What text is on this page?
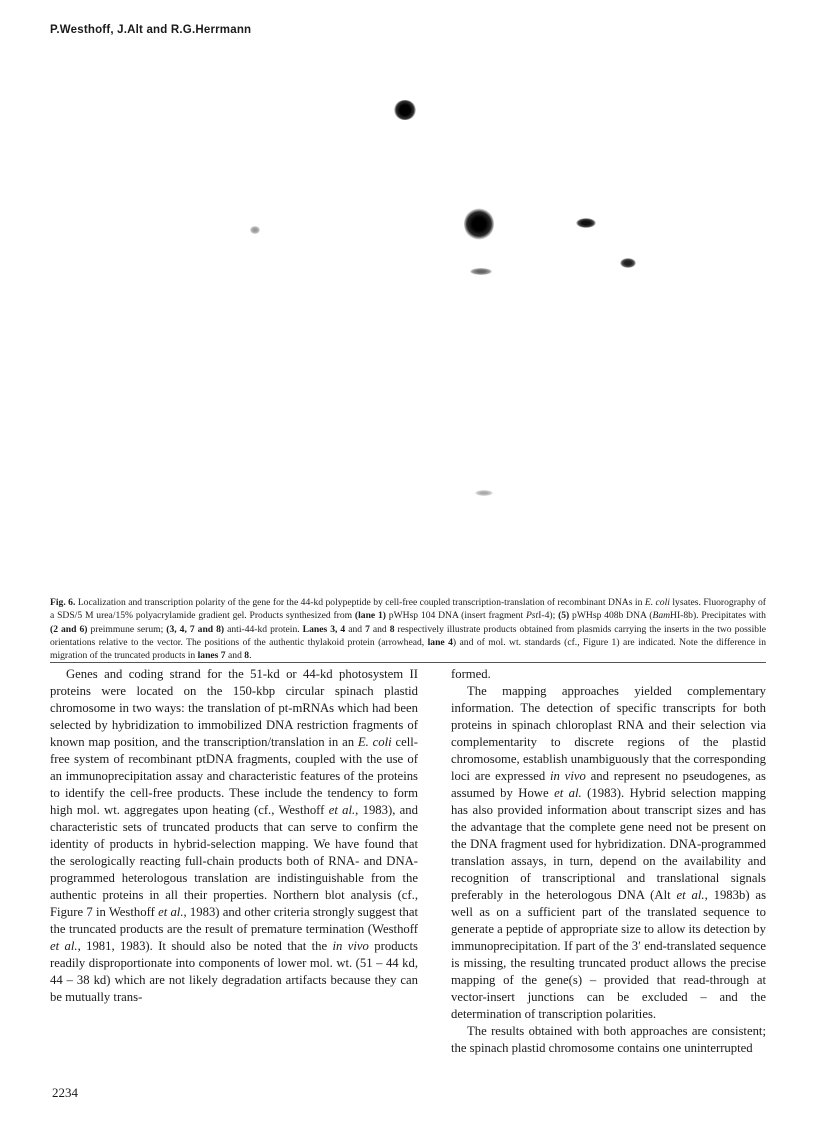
P.Westhoff, J.Alt and R.G.Herrmann
Fig. 6. Localization and transcription polarity of the gene for the 44-kd polypeptide by cell-free coupled transcription-translation of recombinant DNAs in E. coli lysates. Fluorography of a SDS/5 M urea/15% polyacrylamide gradient gel. Products synthesized from (lane 1) pWHsp 104 DNA (insert fragment PstI-4); (5) pWHsp 408b DNA (BamHI-8b). Precipitates with (2 and 6) preimmune serum; (3, 4, 7 and 8) anti-44-kd protein. Lanes 3, 4 and 7 and 8 respectively illustrate products obtained from plasmids carrying the inserts in the two possible orientations relative to the vector. The positions of the authentic thylakoid protein (arrowhead, lane 4) and of mol. wt. standards (cf., Figure 1) are indicated. Note the difference in migration of the truncated products in lanes 7 and 8.

Genes and coding strand for the 51-kd or 44-kd photosystem II proteins were located on the 150-kbp circular spinach plastid chromosome in two ways: the translation of pt-mRNAs which had been selected by hybridization to immobilized DNA restriction fragments of known map position, and the transcription/translation in an E. coli cell-free system of recombinant ptDNA fragments, coupled with the use of an immunoprecipitation assay and characteristic features of the proteins to identify the cell-free products. These include the tendency to form high mol. wt. aggregates upon heating (cf., Westhoff et al., 1983), and characteristic sets of truncated products that can serve to confirm the identity of products in hybrid-selection mapping. We have found that the serologically reacting full-chain products both of RNA- and DNA-programmed heterologous translation are indistinguishable from the authentic proteins in all their properties. Northern blot analysis (cf., Figure 7 in Westhoff et al., 1983) and other criteria strongly suggest that the truncated products are the result of premature termination (Westhoff et al., 1981, 1983). It should also be noted that the in vivo products readily disproportionate into components of lower mol. wt. (51 – 44 kd, 44 – 38 kd) which are not likely degradation artifacts because they can be mutually trans-

formed.

The mapping approaches yielded complementary information. The detection of specific transcripts for both proteins in spinach chloroplast RNA and their selection via complementarity to discrete regions of the plastid chromosome, establish unambiguously that the corresponding loci are expressed in vivo and represent no pseudogenes, as assumed by Howe et al. (1983). Hybrid selection mapping has also provided information about transcript sizes and has the advantage that the complete gene need not be present on the DNA fragment used for hybridization. DNA-programmed translation assays, in turn, depend on the availability and recognition of transcriptional and translational signals preferably in the heterologous DNA (Alt et al., 1983b) as well as on a sufficient part of the translated sequence to generate a peptide of appropriate size to allow its detection by immunoprecipitation. If part of the 3′ end-translated sequence is missing, the resulting truncated product allows the precise mapping of the gene(s) – provided that read-through at vector-insert junctions can be excluded – and the determination of transcription polarities.

The results obtained with both approaches are consistent; the spinach plastid chromosome contains one uninterrupted

2234
